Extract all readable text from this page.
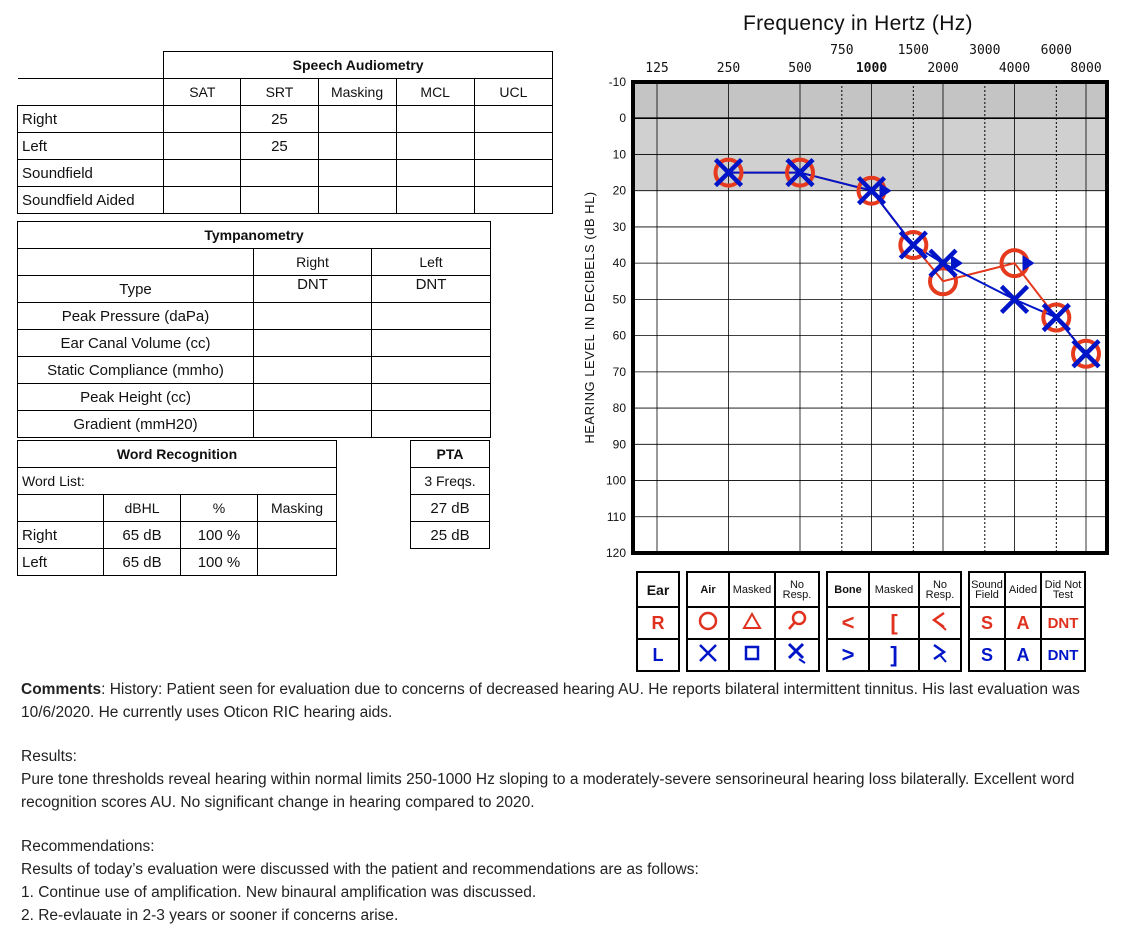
	Speech Audiometry				
	SAT	SRT	Masking	MCL	UCL
Right		25			
Left		25			
Soundfield					
Soundfield Aided					
Tympanometry		
	Right	Left
Type	DNT	DNT
Peak Pressure (daPa)		
Ear Canal Volume (cc)		
Static Compliance (mmho)		
Peak Height (cc)		
Gradient (mmH20)		
Word Recognition			
Word List:			
	dBHL	%	Masking
Right	65 dB	100 %	
Left	65 dB	100 %	
PTA
3 Freqs.
27 dB
25 dB
Frequency in Hertz (Hz)
-10
0
10
20
30
40
50
60
70
80
90
100
110
120
125	250	500	1000	2000	4000	8000
750	1500	3000	6000
HEARING LEVEL IN DECIBELS (dB HL)
Ear		Air	Masked	No Resp.		Bone	Masked	No Resp.		Sound Field	Aided	Did Not Test
R						<	[			S	A	DNT
L						>	]			S	A	DNT

Comments: History: Patient seen for evaluation due to concerns of decreased hearing AU. He reports bilateral intermittent tinnitus. His last evaluation was 10/6/2020. He currently uses Oticon RIC hearing aids.

Results:

Pure tone thresholds reveal hearing within normal limits 250-1000 Hz sloping to a moderately-severe sensorineural hearing loss bilaterally. Excellent word recognition scores AU. No significant change in hearing compared to 2020.

Recommendations:

Results of today’s evaluation were discussed with the patient and recommendations are as follows:

1. Continue use of amplification. New binaural amplification was discussed.

2. Re-evlauate in 2-3 years or sooner if concerns arise.
